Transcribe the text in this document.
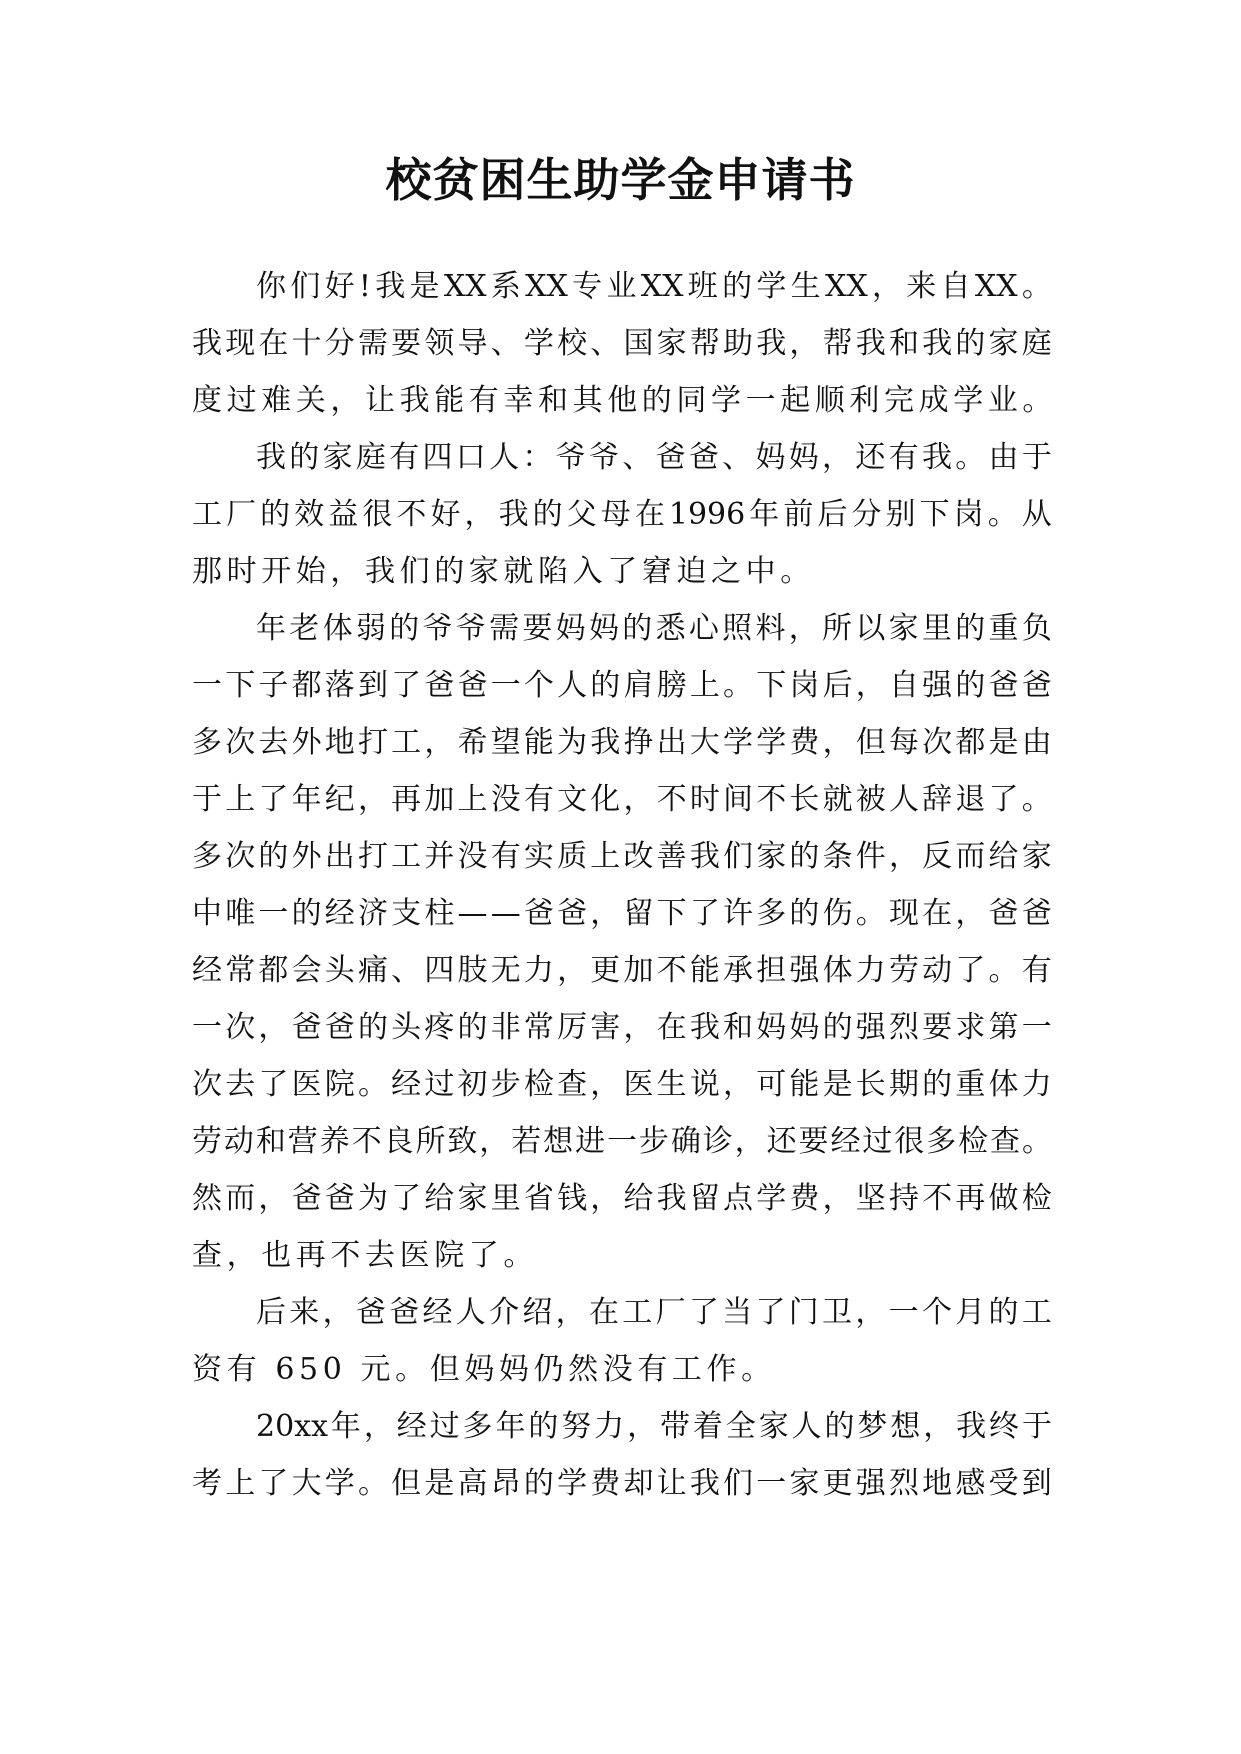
校贫困生助学金申请书
你 们 好 ! 我 是 XX 系 XX 专 业 XX 班 的 学 生 XX ， 来 自 XX 。
我 现 在 十 分 需 要 领 导 、 学 校 、 国 家 帮 助 我 ， 帮 我 和 我 的 家 庭
度过难关，让我能有幸和其他的同学一起顺利完成学业。
我 的 家 庭 有 四 口 人 ： 爷 爷 、 爸 爸 、 妈 妈 ， 还 有 我 。 由 于
工 厂 的 效 益 很 不 好 ， 我 的 父 母 在 1996 年 前 后 分 别 下 岗 。 从
那时开始，我们的家就陷入了窘迫之中。
年 老 体 弱 的 爷 爷 需 要 妈 妈 的 悉 心 照 料 ， 所 以 家 里 的 重 负
一 下 子 都 落 到 了 爸 爸 一 个 人 的 肩 膀 上 。 下 岗 后 ， 自 强 的 爸 爸
多 次 去 外 地 打 工 ， 希 望 能 为 我 挣 出 大 学 学 费 ， 但 每 次 都 是 由
于 上 了 年 纪 ， 再 加 上 没 有 文 化 ， 不 时 间 不 长 就 被 人 辞 退 了 。
多 次 的 外 出 打 工 并 没 有 实 质 上 改 善 我 们 家 的 条 件 ， 反 而 给 家
中 唯 一 的 经 济 支 柱 — — 爸 爸 ， 留 下 了 许 多 的 伤 。 现 在 ， 爸 爸
经 常 都 会 头 痛 、 四 肢 无 力 ， 更 加 不 能 承 担 强 体 力 劳 动 了 。 有
一 次 ， 爸 爸 的 头 疼 的 非 常 厉 害 ， 在 我 和 妈 妈 的 强 烈 要 求 第 一
次 去 了 医 院 。 经 过 初 步 检 查 ， 医 生 说 ， 可 能 是 长 期 的 重 体 力
劳 动 和 营 养 不 良 所 致 ， 若 想 进 一 步 确 诊 ， 还 要 经 过 很 多 检 查 。
然 而 ， 爸 爸 为 了 给 家 里 省 钱 ， 给 我 留 点 学 费 ， 坚 持 不 再 做 检
查，也再不去医院了。
后 来 ， 爸 爸 经 人 介 绍 ， 在 工 厂 了 当 了 门 卫 ， 一 个 月 的 工
资有 650 元。但妈妈仍然没有工作。
20xx 年 ， 经 过 多 年 的 努 力 ， 带 着 全 家 人 的 梦 想 ， 我 终 于
考 上 了 大 学 。 但 是 高 昂 的 学 费 却 让 我 们 一 家 更 强 烈 地 感 受 到
